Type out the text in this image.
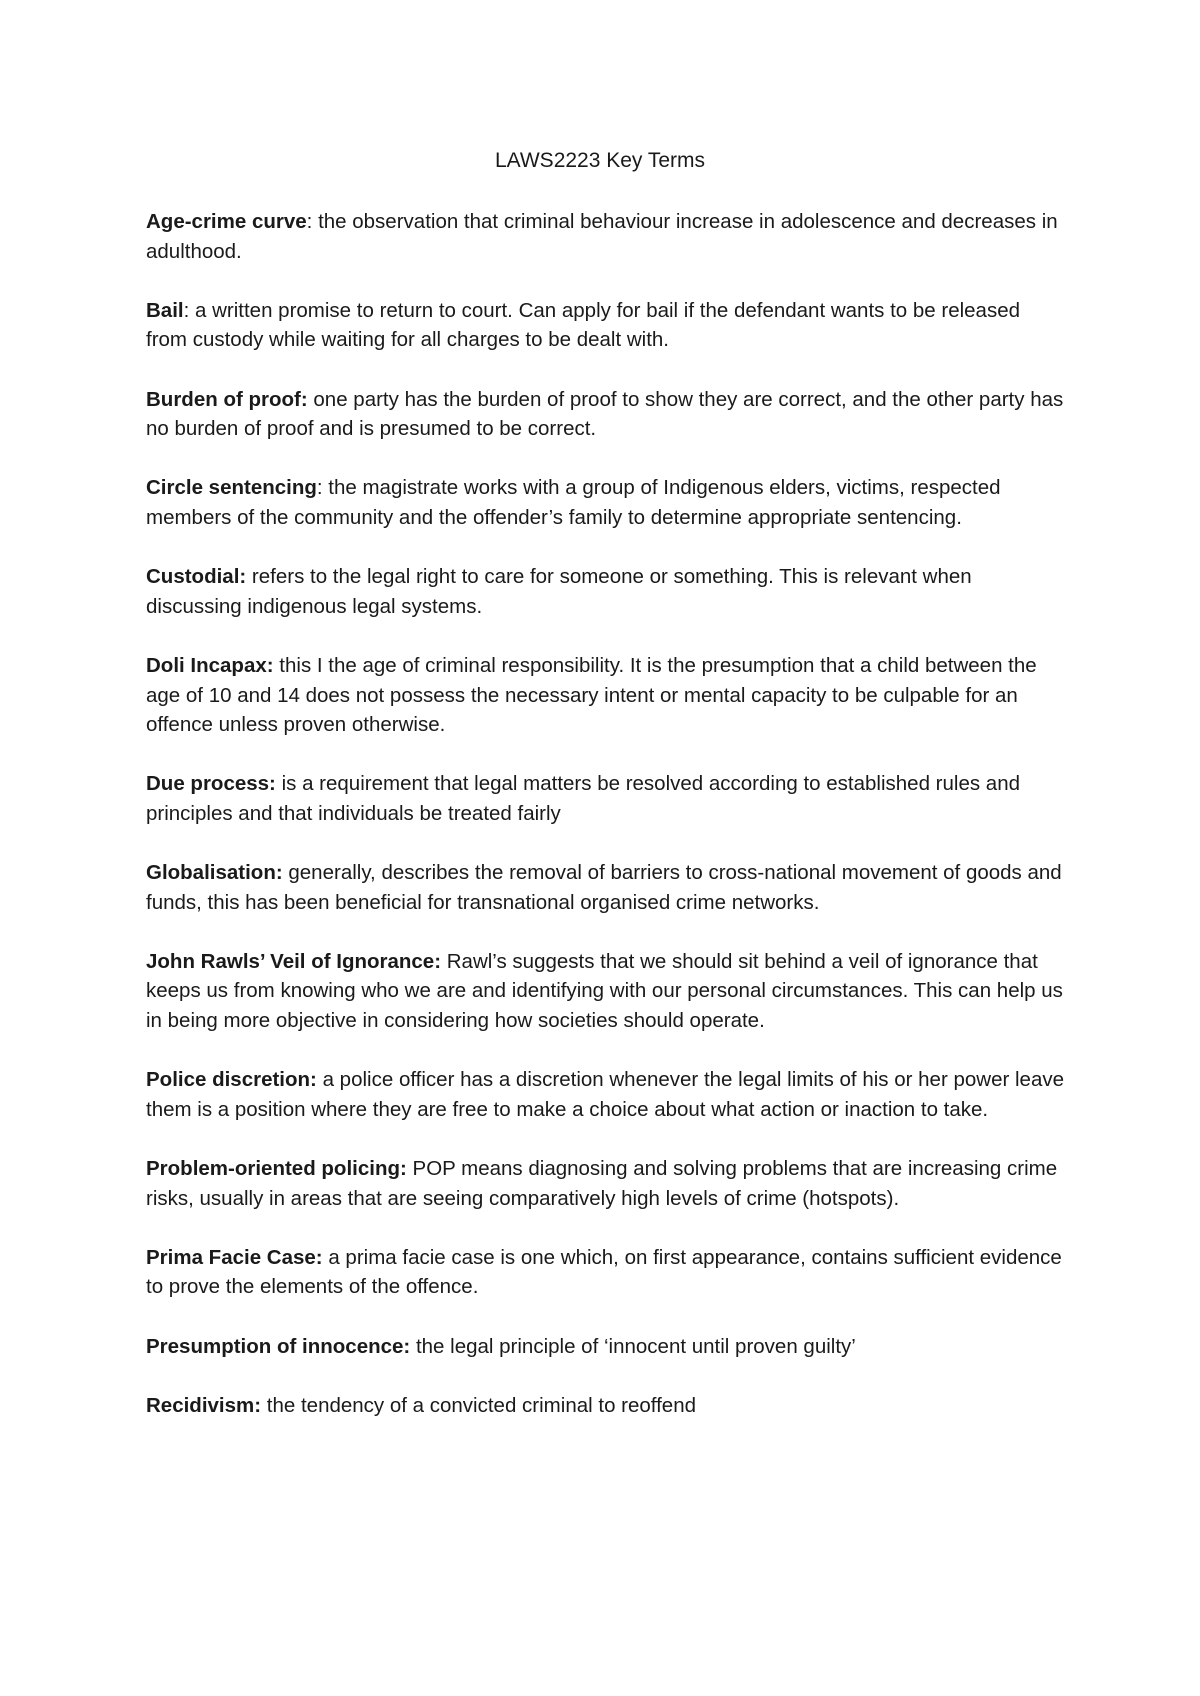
LAWS2223 Key Terms

Age-crime curve: the observation that criminal behaviour increase in adolescence and decreases in adulthood.

Bail: a written promise to return to court. Can apply for bail if the defendant wants to be released from custody while waiting for all charges to be dealt with.

Burden of proof: one party has the burden of proof to show they are correct, and the other party has no burden of proof and is presumed to be correct.

Circle sentencing: the magistrate works with a group of Indigenous elders, victims, respected members of the community and the offender’s family to determine appropriate sentencing.

Custodial: refers to the legal right to care for someone or something. This is relevant when discussing indigenous legal systems.

Doli Incapax: this I the age of criminal responsibility. It is the presumption that a child between the age of 10 and 14 does not possess the necessary intent or mental capacity to be culpable for an offence unless proven otherwise.

Due process: is a requirement that legal matters be resolved according to established rules and principles and that individuals be treated fairly

Globalisation: generally, describes the removal of barriers to cross-national movement of goods and funds, this has been beneficial for transnational organised crime networks.

John Rawls’ Veil of Ignorance: Rawl’s suggests that we should sit behind a veil of ignorance that keeps us from knowing who we are and identifying with our personal circumstances. This can help us in being more objective in considering how societies should operate.

Police discretion: a police officer has a discretion whenever the legal limits of his or her power leave them is a position where they are free to make a choice about what action or inaction to take.

Problem-oriented policing: POP means diagnosing and solving problems that are increasing crime risks, usually in areas that are seeing comparatively high levels of crime (hotspots).

Prima Facie Case: a prima facie case is one which, on first appearance, contains sufficient evidence to prove the elements of the offence.

Presumption of innocence: the legal principle of ‘innocent until proven guilty’

Recidivism: the tendency of a convicted criminal to reoffend
